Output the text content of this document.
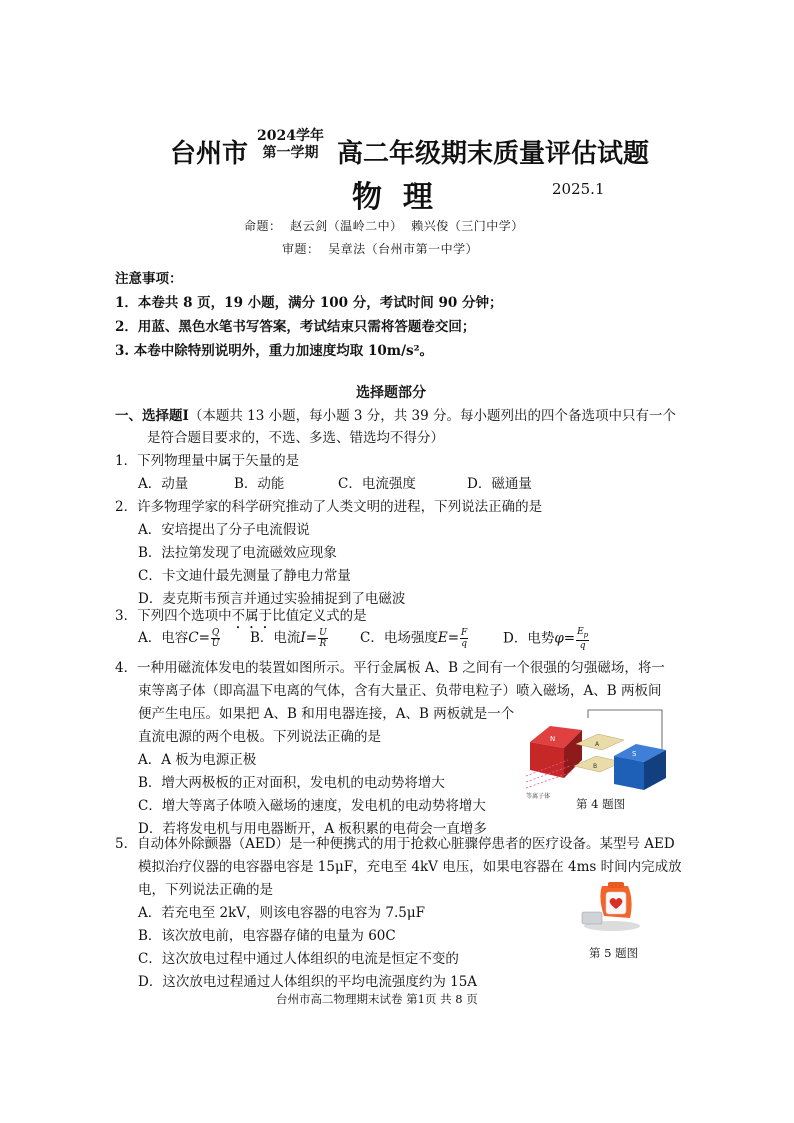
台州市
2024学年
第一学期 高二年级期末质量评估试题
物  理	2025.1
命题：  赵云剑（温岭二中）  赖兴俊（三门中学）
审题：  吴章法（台州市第一中学）
注意事项：
1．本卷共 8 页，19 小题，满分 100 分，考试时间 90 分钟；
2．用蓝、黑色水笔书写答案，考试结束只需将答题卷交回；
3. 本卷中除特别说明外，重力加速度均取 10m/s²。
选择题部分
一、选择题Ⅰ（本题共 13 小题，每小题 3 分，共 39 分。每小题列出的四个备选项中只有一个
是符合题目要求的，不选、多选、错选均不得分）
1．下列物理量中属于矢量的是
A．动量	B．动能	C．电流强度	D．磁通量
2．许多物理学家的科学研究推动了人类文明的进程，下列说法正确的是
A．安培提出了分子电流假说
B．法拉第发现了电流磁效应现象
C．卡文迪什最先测量了静电力常量
D．麦克斯韦预言并通过实验捕捉到了电磁波
3．下列四个选项中不属于比值定义式的是
A．电容$C= \frac{Q}{U}$ B．电流$I= \frac{U}{R}$ C．电场强度$E= \frac{F}{q}$	D．电势$\varphi= \frac{E_p}{q}$
4．一种用磁流体发电的装置如图所示。平行金属板 A、B 之间有一个很强的匀强磁场，将一
束等离子体（即高温下电离的气体，含有大量正、负带电粒子）喷入磁场，A、B 两板间
便产生电压。如果把 A、B 和用电器连接，A、B 两板就是一个
直流电源的两个电极。下列说法正确的是
A．A 板为电源正极
B．增大两极板的正对面积，发电机的电动势将增大
C．增大等离子体喷入磁场的速度，发电机的电动势将增大
D．若将发电机与用电器断开，A 板积累的电荷会一直增多
N
A
B
S
等离子体
第 4 题图
5．自动体外除颤器（AED）是一种便携式的用于抢救心脏骤停患者的医疗设备。某型号 AED
模拟治疗仪器的电容器电容是 15μF，充电至 4kV 电压，如果电容器在 4ms 时间内完成放
电，下列说法正确的是
A．若充电至 2kV，则该电容器的电容为 7.5μF
B．该次放电前，电容器存储的电量为 60C
C．这次放电过程中通过人体组织的电流是恒定不变的
D．这次放电过程通过人体组织的平均电流强度约为 15A
第 5 题图
台州市高二物理期末试卷 第1页 共 8 页
